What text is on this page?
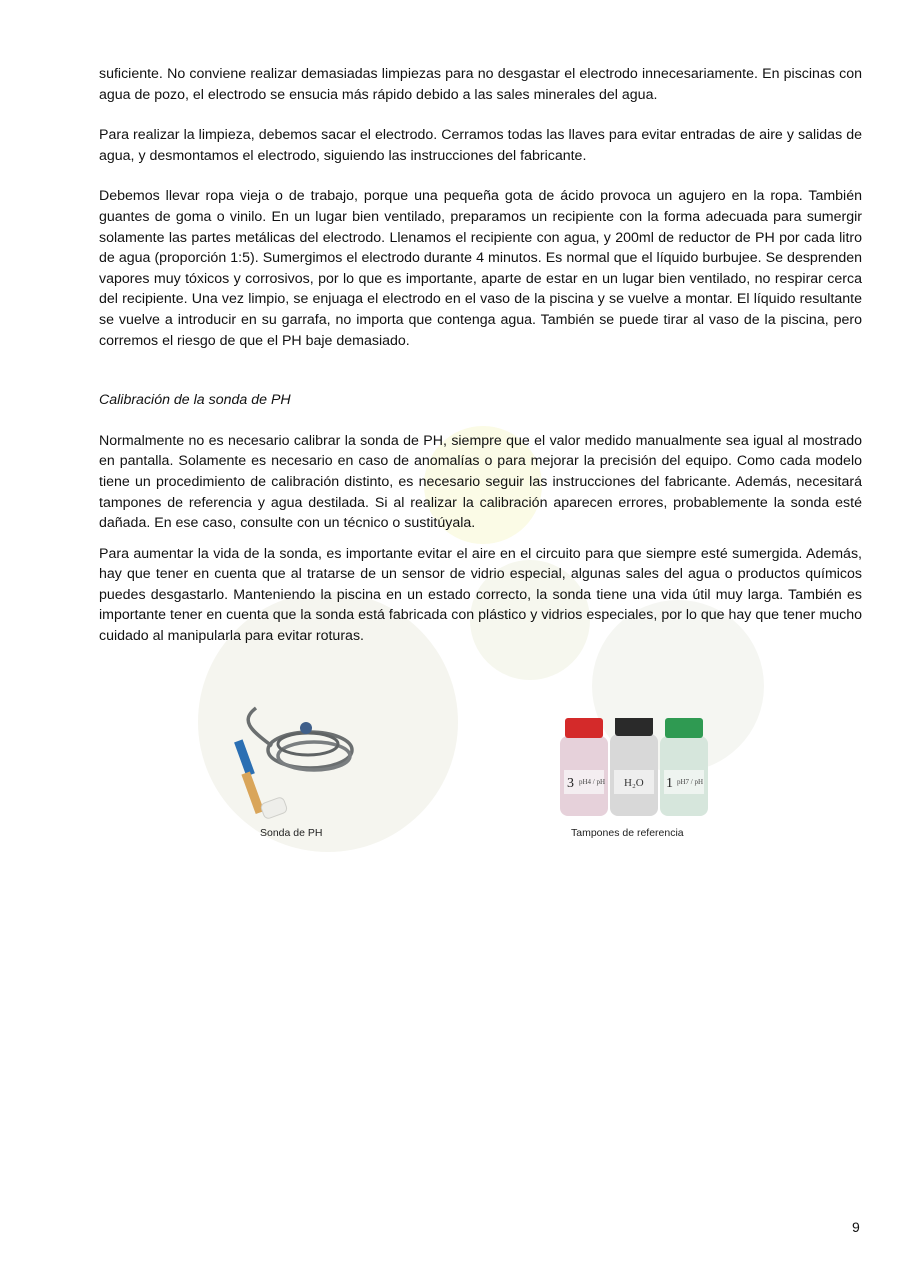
suficiente. No conviene realizar demasiadas limpiezas para no desgastar el electrodo innecesariamente. En piscinas con agua de pozo, el electrodo se ensucia más rápido debido a las sales minerales del agua.

Para realizar la limpieza, debemos sacar el electrodo. Cerramos todas las llaves para evitar entradas de aire y salidas de agua, y desmontamos el electrodo, siguiendo las instrucciones del fabricante.

Debemos llevar ropa vieja o de trabajo, porque una pequeña gota de ácido provoca un agujero en la ropa. También guantes de goma o vinilo. En un lugar bien ventilado, preparamos un recipiente con la forma adecuada para sumergir solamente las partes metálicas del electrodo. Llenamos el recipiente con agua, y 200ml de reductor de PH por cada litro de agua (proporción 1:5). Sumergimos el electrodo durante 4 minutos. Es normal que el líquido burbujee. Se desprenden vapores muy tóxicos y corrosivos, por lo que es importante, aparte de estar en un lugar bien ventilado, no respirar cerca del recipiente. Una vez limpio, se enjuaga el electrodo en el vaso de la piscina y se vuelve a montar. El líquido resultante se vuelve a introducir en su garrafa, no importa que contenga agua. También se puede tirar al vaso de la piscina, pero corremos el riesgo de que el PH baje demasiado.

Calibración de la sonda de PH

Normalmente no es necesario calibrar la sonda de PH, siempre que el valor medido manualmente sea igual al mostrado en pantalla. Solamente es necesario en caso de anomalías o para mejorar la precisión del equipo. Como cada modelo tiene un procedimiento de calibración distinto, es necesario seguir las instrucciones del fabricante. Además, necesitará tampones de referencia y agua destilada. Si al realizar la calibración aparecen errores, probablemente la sonda esté dañada. En ese caso, consulte con un técnico o sustitúyala.

Para aumentar la vida de la sonda, es importante evitar el aire en el circuito para que siempre esté sumergida. Además, hay que tener en cuenta que al tratarse de un sensor de vidrio especial, algunas sales del agua o productos químicos puedes desgastarlo. Manteniendo la piscina en un estado correcto, la sonda tiene una vida útil muy larga. También es importante tener en cuenta que la sonda está fabricada con plástico y vidrios especiales, por lo que hay que tener mucho cuidado al manipularla para evitar roturas.

3 pH4 / pH H₂O 1 pH7 / pH
Sonda de PH	Tampones de referencia
9
